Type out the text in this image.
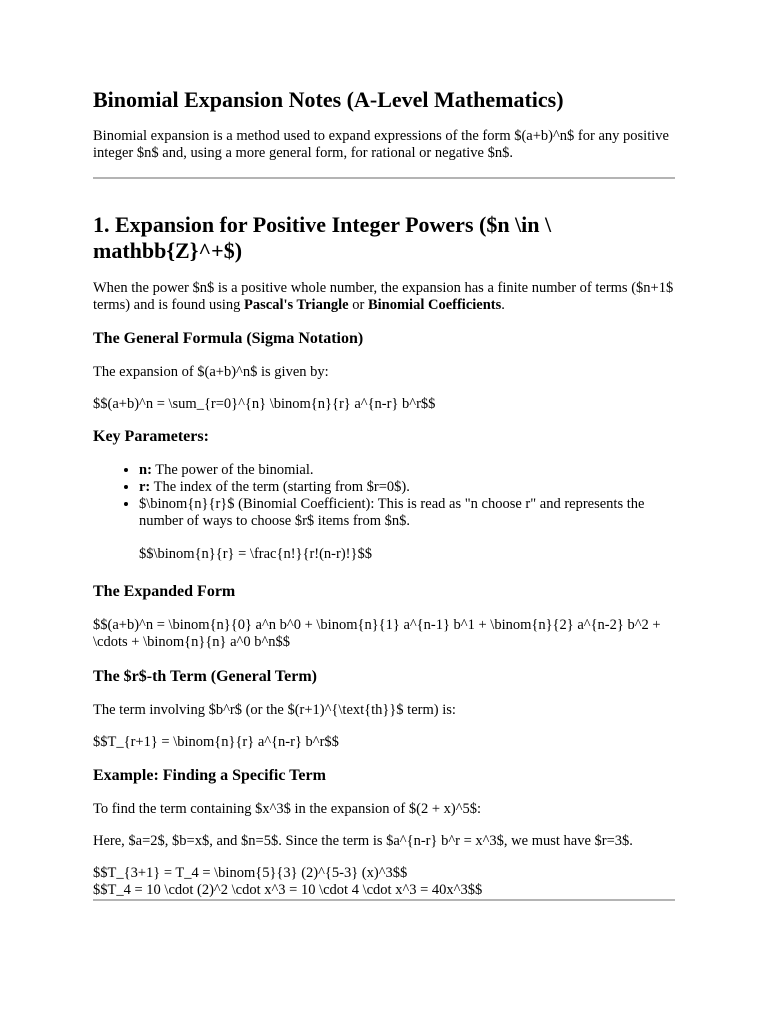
Binomial Expansion Notes (A-Level Mathematics)

Binomial expansion is a method used to expand expressions of the form $(a+b)^n$ for any positive integer $n$ and, using a more general form, for rational or negative $n$.

1. Expansion for Positive Integer Powers ($n \in \ mathbb{Z}^+$)

When the power $n$ is a positive whole number, the expansion has a finite number of terms ($n+1$ terms) and is found using Pascal's Triangle or Binomial Coefficients.

The General Formula (Sigma Notation)

The expansion of $(a+b)^n$ is given by:

$$(a+b)^n = \sum_{r=0}^{n} \binom{n}{r} a^{n-r} b^r$$

Key Parameters:
• n: The power of the binomial.
• r: The index of the term (starting from $r=0$).
• $\binom{n}{r}$ (Binomial Coefficient): This is read as "n choose r" and represents the number of ways to choose $r$ items from $n$.

$$\binom{n}{r} = \frac{n!}{r!(n-r)!}$$

The Expanded Form

$$(a+b)^n = \binom{n}{0} a^n b^0 + \binom{n}{1} a^{n-1} b^1 + \binom{n}{2} a^{n-2} b^2 + \cdots + \binom{n}{n} a^0 b^n$$

The $r$-th Term (General Term)

The term involving $b^r$ (or the $(r+1)^{\text{th}}$ term) is:

$$T_{r+1} = \binom{n}{r} a^{n-r} b^r$$

Example: Finding a Specific Term

To find the term containing $x^3$ in the expansion of $(2 + x)^5$:

Here, $a=2$, $b=x$, and $n=5$. Since the term is $a^{n-r} b^r = x^3$, we must have $r=3$.

$$T_{3+1} = T_4 = \binom{5}{3} (2)^{5-3} (x)^3$$

$$T_4 = 10 \cdot (2)^2 \cdot x^3 = 10 \cdot 4 \cdot x^3 = 40x^3$$
